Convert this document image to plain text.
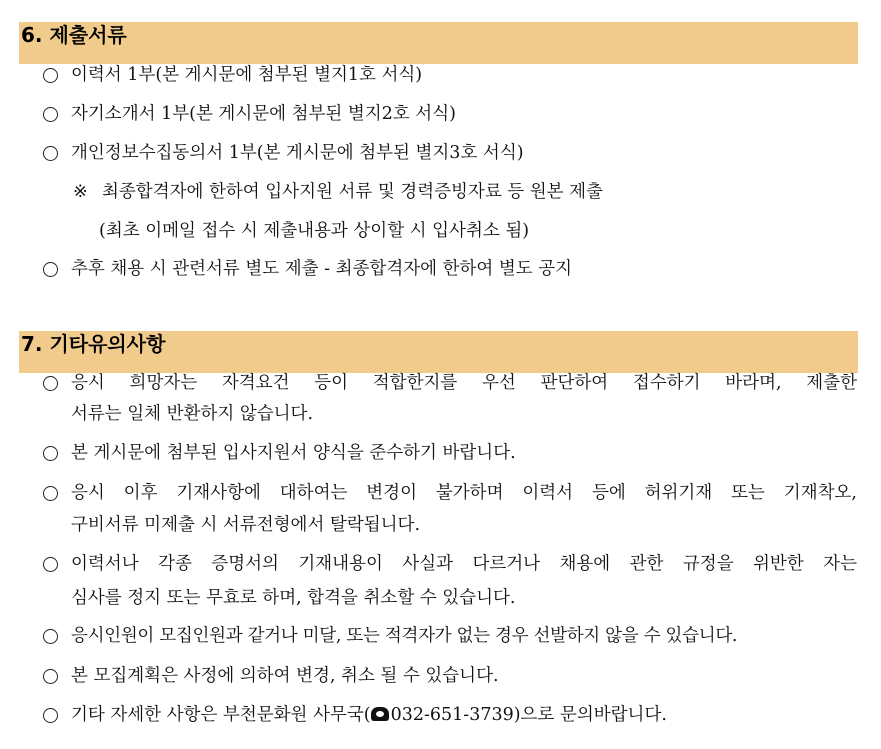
6. 제출서류
이력서 1부(본 게시문에 첨부된 별지1호 서식)
자기소개서 1부(본 게시문에 첨부된 별지2호 서식)
개인정보수집동의서 1부(본 게시문에 첨부된 별지3호 서식)
※ 최종합격자에 한하여 입사지원 서류 및 경력증빙자료 등 원본 제출
(최초 이메일 접수 시 제출내용과 상이할 시 입사취소 됨)
추후 채용 시 관련서류 별도 제출 - 최종합격자에 한하여 별도 공지
7. 기타유의사항
응시 희망자는 자격요건 등이 적합한지를 우선 판단하여 접수하기 바라며, 제출한
서류는 일체 반환하지 않습니다.
본 게시문에 첨부된 입사지원서 양식을 준수하기 바랍니다.
응시 이후 기재사항에 대하여는 변경이 불가하며 이력서 등에 허위기재 또는 기재착오,
구비서류 미제출 시 서류전형에서 탈락됩니다.
이력서나 각종 증명서의 기재내용이 사실과 다르거나 채용에 관한 규정을 위반한 자는
심사를 정지 또는 무효로 하며, 합격을 취소할 수 있습니다.
응시인원이 모집인원과 같거나 미달, 또는 적격자가 없는 경우 선발하지 않을 수 있습니다.
본 모집계획은 사정에 의하여 변경, 취소 될 수 있습니다.
기타 자세한 사항은 부천문화원 사무국( 032-651-3739)으로 문의바랍니다.
